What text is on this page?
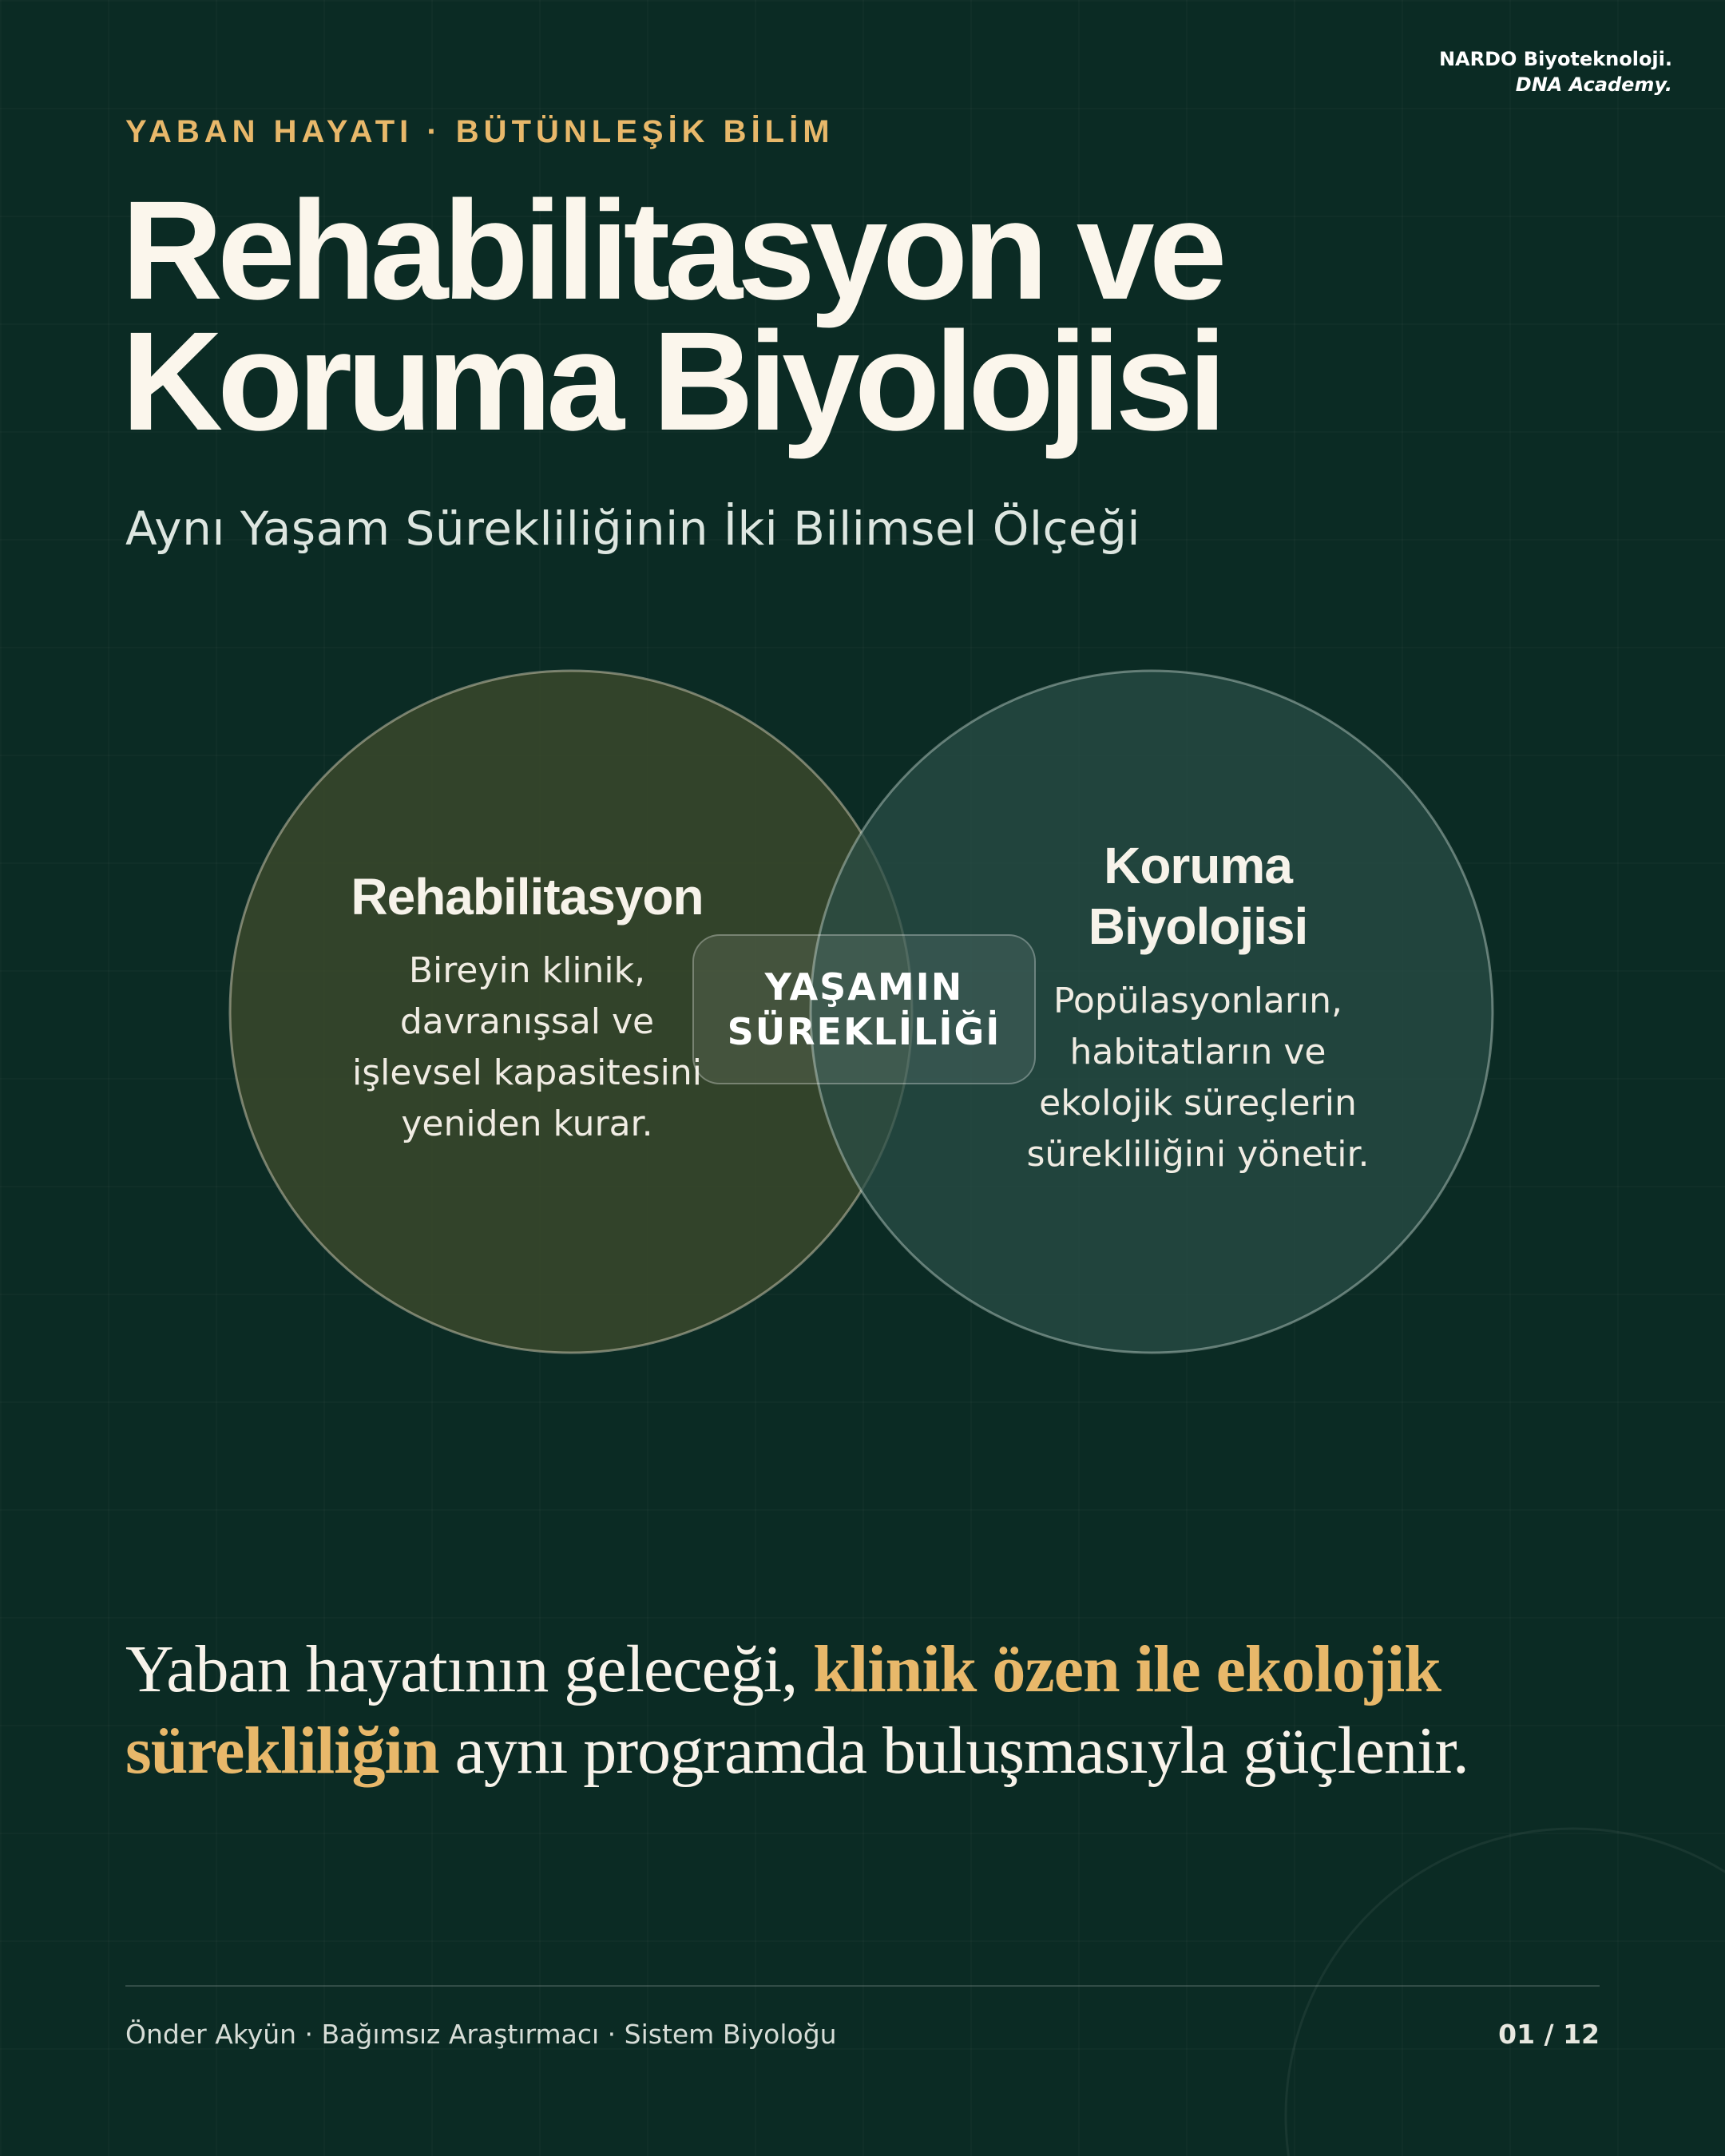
NARDO Biyoteknoloji.
DNA Academy.
YABAN HAYATI · BÜTÜNLEŞİK BİLİM
Rehabilitasyon ve
Koruma Biyolojisi
Aynı Yaşam Sürekliliğinin İki Bilimsel Ölçeği
Rehabilitasyon
Bireyin klinik,
davranışsal ve
işlevsel kapasitesini
yeniden kurar.
Koruma
Biyolojisi
Popülasyonların,
habitatların ve
ekolojik süreçlerin
sürekliliğini yönetir.
YAŞAMIN
SÜREKLİLİĞİ

Yaban hayatının geleceği, klinik özen ile ekolojik sürekliliğin aynı programda buluşmasıyla güçlenir.

Önder Akyün · Bağımsız Araştırmacı · Sistem Biyoloğu	01 / 12
